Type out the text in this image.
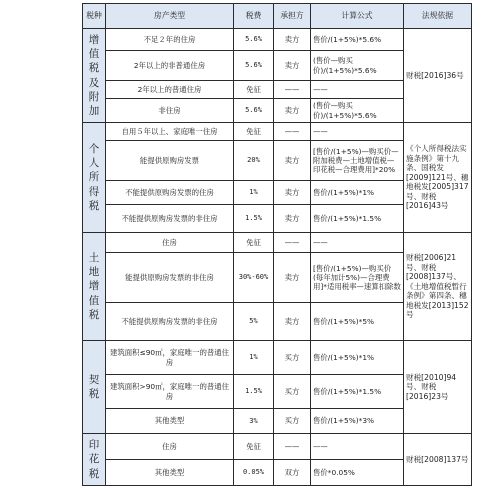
税种	房产类型	税费	承担方	计算公式	法规依据
增值税及附加	不足２年的住房	5.6%	卖方	售价/(1+5%)*5.6%	财税[2016]36号
	2年以上的非普通住房	5.6%	卖方	(售价—购买价)/(1+5%)*5.6%	
	2年以上的普通住房	免征	——	——	
	非住房	5.6%	卖方	(售价—购买价)/(1+5%)*5.6%	
个人所得税	自用５年以上、家庭唯一住房	免征	——	——	《个人所得税法实施条例》第十九条、国税发[2009]121号、穗地税发[2005]317号、财税[2016]43号
	能提供原购房发票	20%	卖方	[售价/(1+5%)—购买价—附加税费—土地增值税—印花税—合理费用]*20%	
	不能提供原购房发票的住房	1%	卖方	售价/(1+5%)*1%	
	不能提供原购房发票的非住房	1.5%	卖方	售价/(1+5%)*1.5%	
土地增值税	住房	免征	——	——	财税[2006]21号、财税[2008]137号、《土地增值税暂行条例》第四条、穗地税发[2013]152号
	能提供原购房发票的非住房	30%-60%	卖方	[售价/(1+5%)—购买价(每年加计5%)—合理费用]*适用税率—速算扣除数	
	不能提供原购房发票的非住房	5%	卖方	售价/(1+5%)*5%	
契税	建筑面积≤90㎡，家庭唯一的普通住房	1%	买方	售价/(1+5%)*1%	财税[2010]94号、财税[2016]23号
	建筑面积>90㎡，家庭唯一的普通住房	1.5%	买方	售价/(1+5%)*1.5%	
	其他类型	3%	买方	售价/(1+5%)*3%	
印花税	住房	免征	——	——	财税[2008]137号
	其他类型	0.05%	双方	售价*0.05%	
